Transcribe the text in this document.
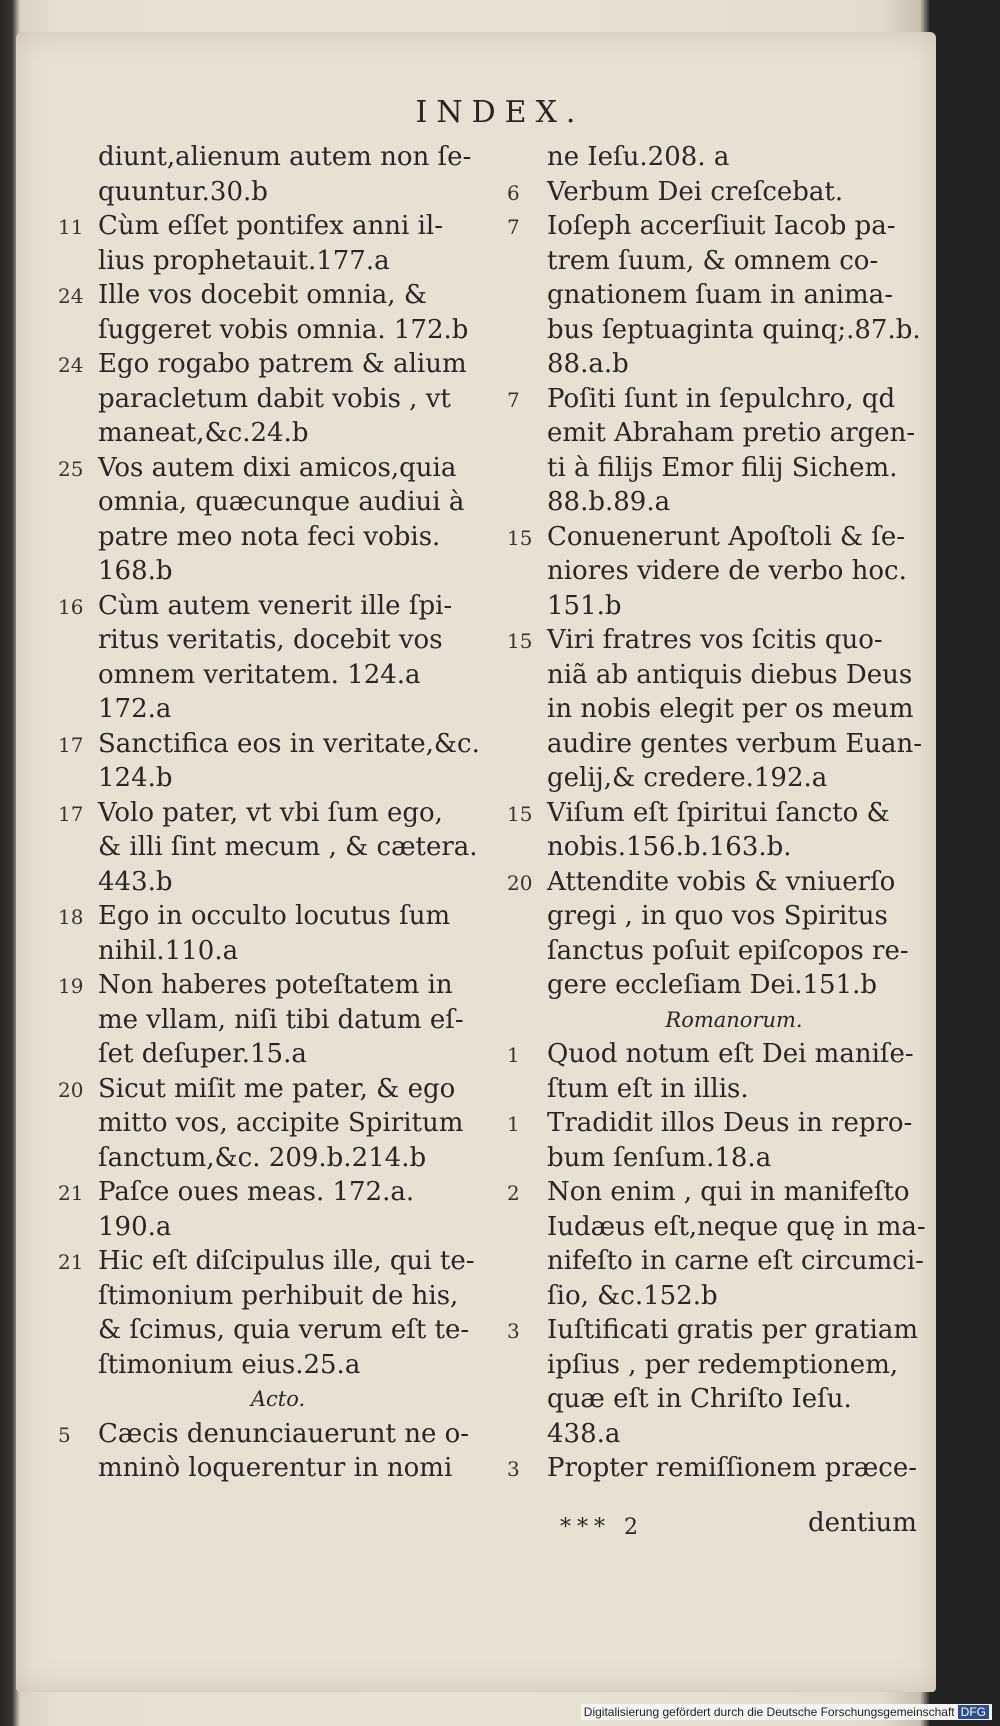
INDEX.
diunt,alienum autem non ſe-
quuntur.30.b
11 Cùm eſſet pontifex anni il-
lius prophetauit.177.a
24 Ille vos docebit omnia, &
ſuggeret vobis omnia. 172.b
24 Ego rogabo patrem & alium
paracletum dabit vobis , vt
maneat,&c.24.b
25 Vos autem dixi amicos,quia
omnia, quæcunque audiui à
patre meo nota feci vobis.
168.b
16 Cùm autem venerit ille ſpi-
ritus veritatis, docebit vos
omnem veritatem. 124.a
172.a
17 Sanctifica eos in veritate,&c.
124.b
17 Volo pater, vt vbi ſum ego,
& illi ſint mecum , & cætera.
443.b
18 Ego in occulto locutus ſum
nihil.110.a
19 Non haberes poteſtatem in
me vllam, niſi tibi datum eſ-
ſet deſuper.15.a
20 Sicut miſit me pater, & ego
mitto vos, accipite Spiritum
ſanctum,&c. 209.b.214.b
21 Paſce oues meas. 172.a.
190.a
21 Hic eſt diſcipulus ille, qui te-
ſtimonium perhibuit de his,
& ſcimus, quia verum eſt te-
ſtimonium eius.25.a
Acto.
5	Cæcis denunciauerunt ne o-
mninò loquerentur in nomi
ne Ieſu.208. a
6	Verbum Dei creſcebat.
7	Ioſeph accerſiuit Iacob pa-
trem ſuum, & omnem co-
gnationem ſuam in anima-
bus ſeptuaginta quinq;.87.b.
88.a.b
7	Poſiti ſunt in ſepulchro, qd
emit Abraham pretio argen-
ti à filijs Emor filij Sichem.
88.b.89.a
15 Conuenerunt Apoſtoli & ſe-
niores videre de verbo hoc.
151.b
15 Viri fratres vos ſcitis quo-
niã ab antiquis diebus Deus
in nobis elegit per os meum
audire gentes verbum Euan-
gelij,& credere.192.a
15 Viſum eſt ſpiritui ſancto &
nobis.156.b.163.b.
20 Attendite vobis & vniuerſo
gregi , in quo vos Spiritus
ſanctus poſuit epiſcopos re-
gere eccleſiam Dei.151.b
Romanorum.
1	Quod notum eſt Dei maniſe-
ſtum eſt in illis.
1	Tradidit illos Deus in repro-
bum ſenſum.18.a
2	Non enim , qui in manifeſto
Iudæus eſt,neque quę in ma-
nifeſto in carne eſt circumci-
ſio, &c.152.b
3	Iuſtificati gratis per gratiam
ipſius , per redemptionem,
quæ eſt in Chriſto Ieſu.
438.a
3	Propter remiſſionem præce-
*** 2	dentium
Digitalisierung gefördert durch die Deutsche Forschungsgemeinschaft DFG
